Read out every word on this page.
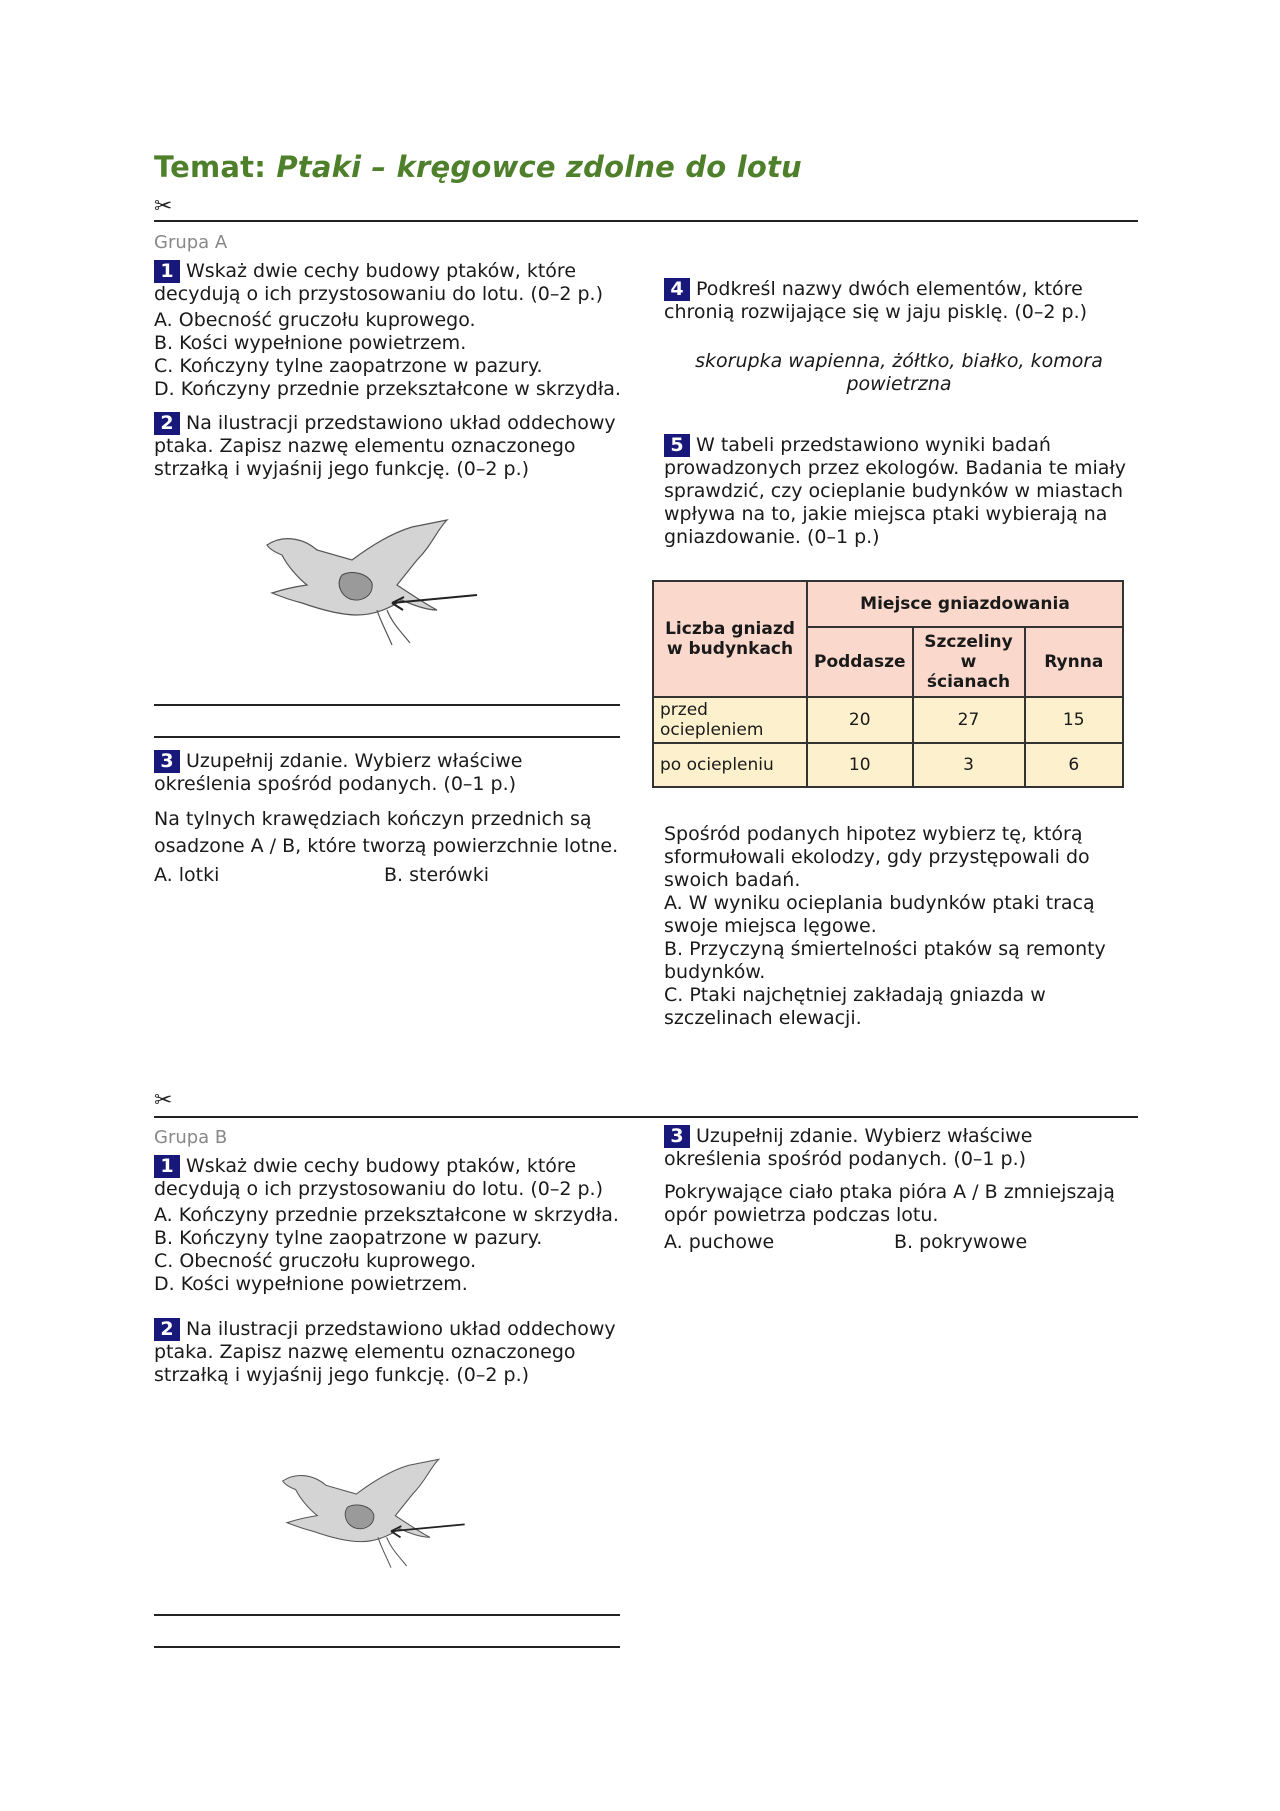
Temat: Ptaki – kręgowce zdolne do lotu
✂
Grupa A

1 Wskaż dwie cechy budowy ptaków, które decydują o ich przystosowaniu do lotu. (0–2 p.)

A. Obecność gruczołu kuprowego.

B. Kości wypełnione powietrzem.

C. Kończyny tylne zaopatrzone w pazury.

D. Kończyny przednie przekształcone w skrzydła.

2 Na ilustracji przedstawiono układ oddechowy ptaka. Zapisz nazwę elementu oznaczonego strzałką i wyjaśnij jego funkcję. (0–2 p.)

3 Uzupełnij zdanie. Wybierz właściwe określenia spośród podanych. (0–1 p.)

Na tylnych krawędziach kończyn przednich są osadzone A / B, które tworzą powierzchnie lotne.

A. lotki	B. sterówki

4 Podkreśl nazwy dwóch elementów, które chronią rozwijające się w jaju pisklę. (0–2 p.)

skorupka wapienna, żółtko, białko, komora powietrzna

5 W tabeli przedstawiono wyniki badań prowadzonych przez ekologów. Badania te miały sprawdzić, czy ocieplanie budynków w miastach wpływa na to, jakie miejsca ptaki wybierają na gniazdowanie. (0–1 p.)

Liczba gniazd w budynkach	Miejsce gniazdowania		
	Poddasze	Szczeliny w ścianach	Rynna
przed ociepleniem	20	27	15
po ociepleniu	10	3	6

Spośród podanych hipotez wybierz tę, którą sformułowali ekolodzy, gdy przystępowali do swoich badań.

A. W wyniku ocieplania budynków ptaki tracą swoje miejsca lęgowe.

B. Przyczyną śmiertelności ptaków są remonty budynków.

C. Ptaki najchętniej zakładają gniazda w szczelinach elewacji.

✂
Grupa B

1 Wskaż dwie cechy budowy ptaków, które decydują o ich przystosowaniu do lotu. (0–2 p.)

A. Kończyny przednie przekształcone w skrzydła.

B. Kończyny tylne zaopatrzone w pazury.

C. Obecność gruczołu kuprowego.

D. Kości wypełnione powietrzem.

2 Na ilustracji przedstawiono układ oddechowy ptaka. Zapisz nazwę elementu oznaczonego strzałką i wyjaśnij jego funkcję. (0–2 p.)

3 Uzupełnij zdanie. Wybierz właściwe określenia spośród podanych. (0–1 p.)

Pokrywające ciało ptaka pióra A / B zmniejszają opór powietrza podczas lotu.

A. puchowe	B. pokrywowe
